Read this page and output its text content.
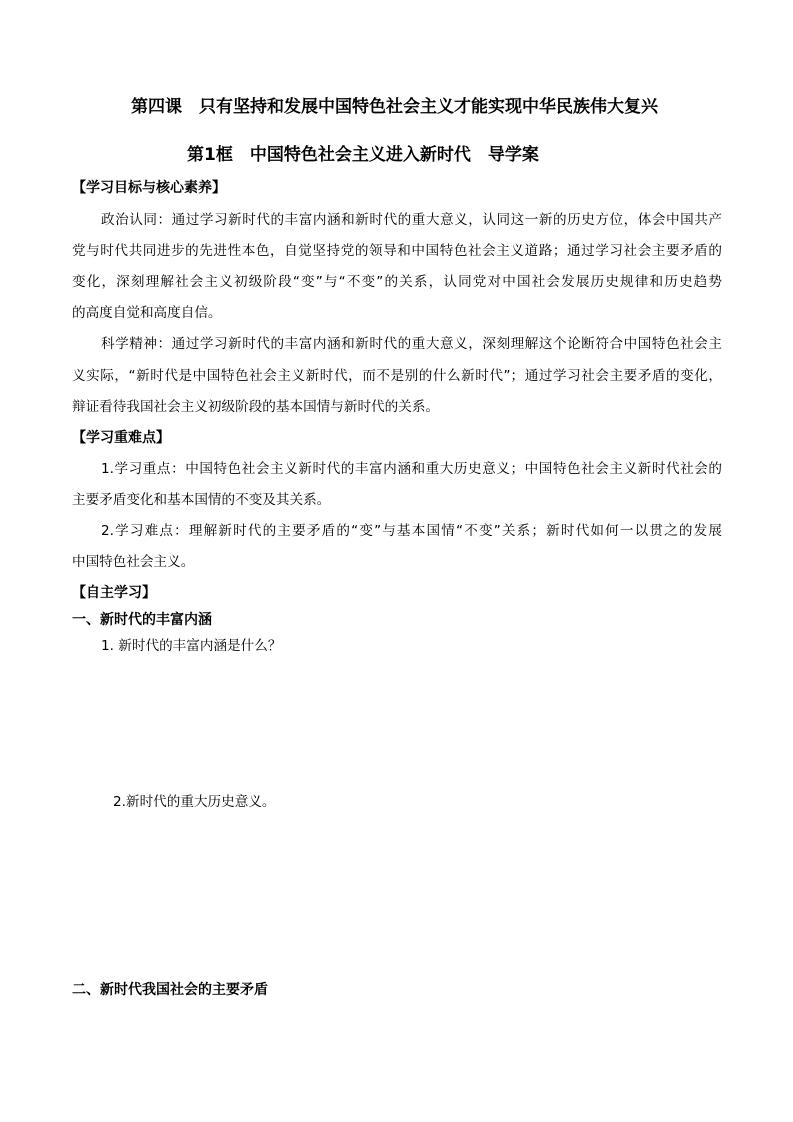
第四课　只有坚持和发展中国特色社会主义才能实现中华民族伟大复兴
第1框　中国特色社会主义进入新时代　导学案
【学习目标与核心素养】
政治认同：通过学习新时代的丰富内涵和新时代的重大意义，认同这一新的历史方位，体会中国共产
党与时代共同进步的先进性本色，自觉坚持党的领导和中国特色社会主义道路；通过学习社会主要矛盾的
变化，深刻理解社会主义初级阶段“变”与“不变”的关系，认同党对中国社会发展历史规律和历史趋势
的高度自觉和高度自信。
科学精神：通过学习新时代的丰富内涵和新时代的重大意义，深刻理解这个论断符合中国特色社会主
义实际，“新时代是中国特色社会主义新时代，而不是别的什么新时代”；通过学习社会主要矛盾的变化，
辩证看待我国社会主义初级阶段的基本国情与新时代的关系。
【学习重难点】
1.学习重点：中国特色社会主义新时代的丰富内涵和重大历史意义；中国特色社会主义新时代社会的
主要矛盾变化和基本国情的不变及其关系。
2.学习难点：理解新时代的主要矛盾的“变”与基本国情“不变”关系；新时代如何一以贯之的发展
中国特色社会主义。
【自主学习】
一、新时代的丰富内涵
1. 新时代的丰富内涵是什么？
2.新时代的重大历史意义。
二、新时代我国社会的主要矛盾
